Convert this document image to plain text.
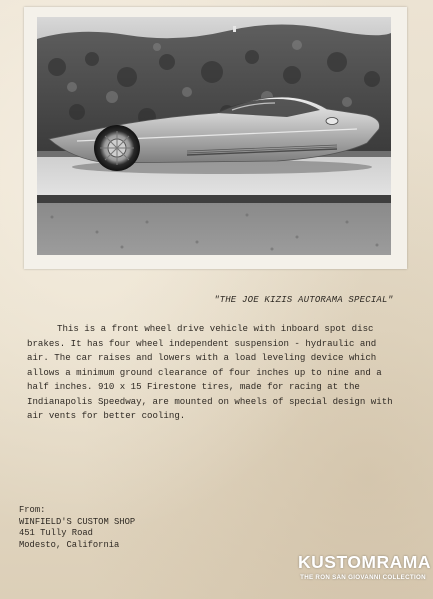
"THE JOE KIZIS AUTORAMA SPECIAL"
This is a front wheel drive vehicle with inboard spot disc
brakes. It has four wheel independent suspension - hydraulic and
air. The car raises and lowers with a load leveling device which
allows a minimum ground clearance of four inches up to nine and a
half inches. 910 x 15 Firestone tires, made for racing at the
Indianapolis Speedway, are mounted on wheels of special design with
air vents for better cooling.
From:
WINFIELD'S CUSTOM SHOP
451 Tully Road
Modesto, California
KUSTOMRAMA
THE RON SAN GIOVANNI COLLECTION
